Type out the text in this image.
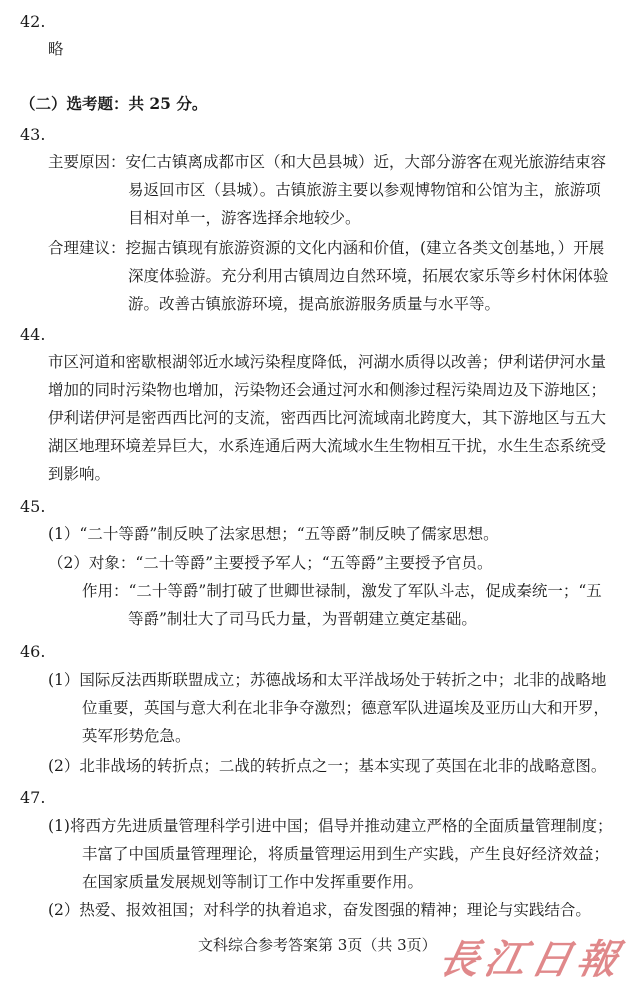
42.
略
（二）选考题：共 25 分。
43.
主要原因：安仁古镇离成都市区（和大邑县城）近，大部分游客在观光旅游结束容
易返回市区（县城）。古镇旅游主要以参观博物馆和公馆为主，旅游项
目相对单一，游客选择余地较少。
合理建议：挖掘古镇现有旅游资源的文化内涵和价值，(建立各类文创基地，）开展
深度体验游。充分利用古镇周边自然环境，拓展农家乐等乡村休闲体验
游。改善古镇旅游环境，提高旅游服务质量与水平等。
44.
市区河道和密歇根湖邻近水域污染程度降低，河湖水质得以改善；伊利诺伊河水量
增加的同时污染物也增加，污染物还会通过河水和侧渗过程污染周边及下游地区；
伊利诺伊河是密西西比河的支流，密西西比河流域南北跨度大，其下游地区与五大
湖区地理环境差异巨大，水系连通后两大流域水生生物相互干扰，水生生态系统受
到影响。
45.
(1）“二十等爵”制反映了法家思想；“五等爵”制反映了儒家思想。
（2）对象：“二十等爵”主要授予军人；“五等爵”主要授予官员。
作用：“二十等爵”制打破了世卿世禄制，激发了军队斗志，促成秦统一；“五
等爵”制壮大了司马氏力量，为晋朝建立奠定基础。
46.
(1）国际反法西斯联盟成立；苏德战场和太平洋战场处于转折之中；北非的战略地
位重要，英国与意大利在北非争夺激烈；德意军队进逼埃及亚历山大和开罗，
英军形势危急。
(2）北非战场的转折点；二战的转折点之一；基本实现了英国在北非的战略意图。
47.
(1)将西方先进质量管理科学引进中国；倡导并推动建立严格的全面质量管理制度；
丰富了中国质量管理理论，将质量管理运用到生产实践，产生良好经济效益；
在国家质量发展规划等制订工作中发挥重要作用。
(2）热爱、报效祖国；对科学的执着追求，奋发图强的精神；理论与实践结合。
文科综合参考答案第 3页（共 3页）
長江日報
